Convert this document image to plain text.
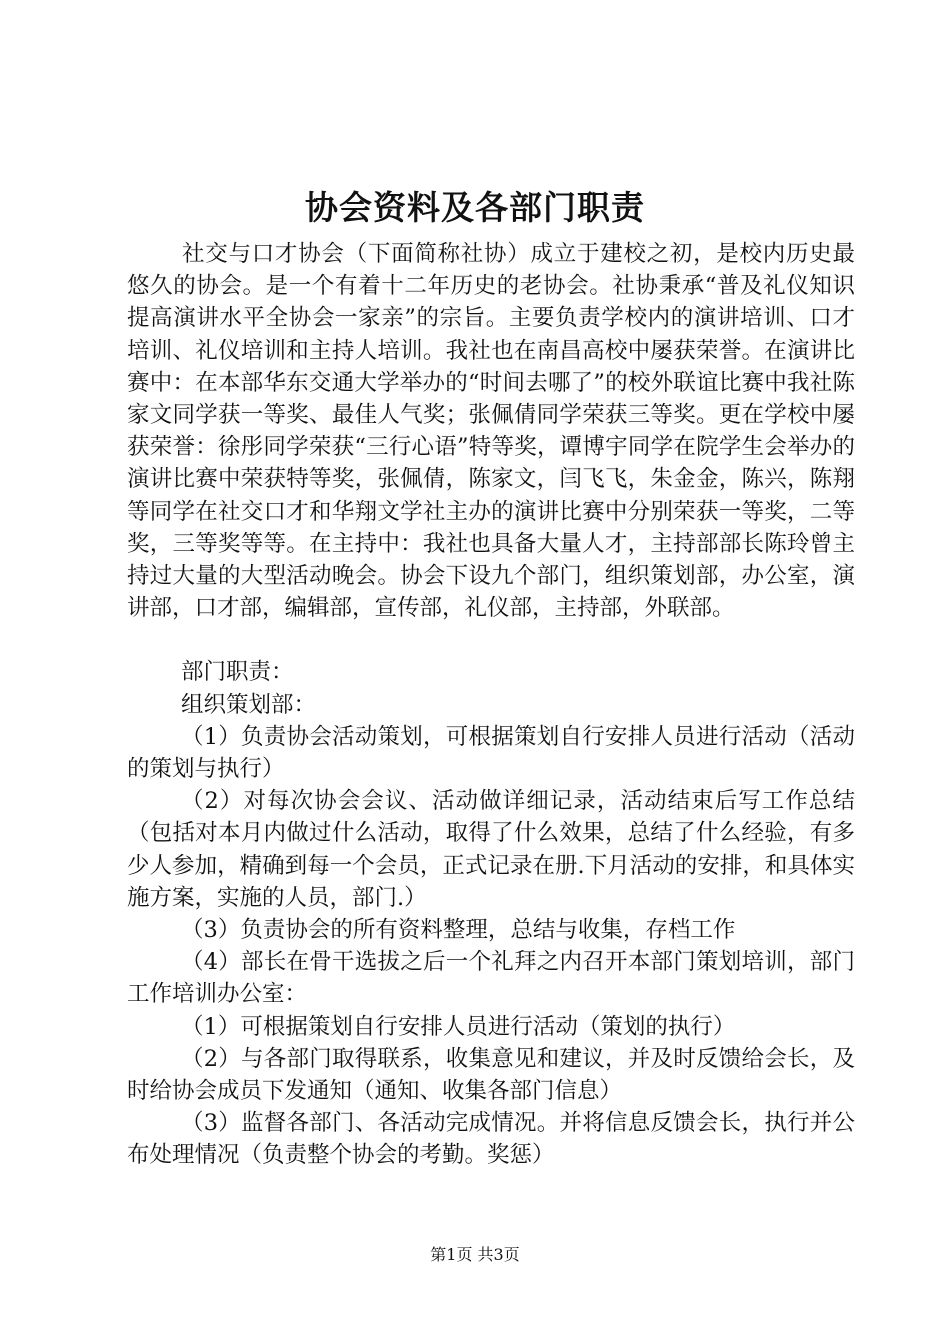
协会资料及各部门职责

社交与口才协会（下面简称社协）成立于建校之初，是校内历史最悠久的协会。是一个有着十二年历史的老协会。社协秉承“普及礼仪知识提高演讲水平全协会一家亲”的宗旨。主要负责学校内的演讲培训、口才培训、礼仪培训和主持人培训。我社也在南昌高校中屡获荣誉。在演讲比赛中：在本部华东交通大学举办的“时间去哪了”的校外联谊比赛中我社陈家文同学获一等奖、最佳人气奖；张佩倩同学荣获三等奖。更在学校中屡获荣誉：徐彤同学荣获“三行心语”特等奖，谭博宇同学在院学生会举办的演讲比赛中荣获特等奖，张佩倩，陈家文，闫飞飞，朱金金，陈兴，陈翔等同学在社交口才和华翔文学社主办的演讲比赛中分别荣获一等奖，二等奖，三等奖等等。在主持中：我社也具备大量人才，主持部部长陈玲曾主持过大量的大型活动晚会。协会下设九个部门，组织策划部，办公室，演讲部，口才部，编辑部，宣传部，礼仪部，主持部，外联部。

部门职责：

组织策划部：

（1）负责协会活动策划，可根据策划自行安排人员进行活动（活动的策划与执行）

（2）对每次协会会议、活动做详细记录，活动结束后写工作总结（包括对本月内做过什么活动，取得了什么效果，总结了什么经验，有多少人参加，精确到每一个会员，正式记录在册.下月活动的安排，和具体实施方案，实施的人员，部门.）

（3）负责协会的所有资料整理，总结与收集，存档工作

（4）部长在骨干选拔之后一个礼拜之内召开本部门策划培训，部门工作培训办公室：

（1）可根据策划自行安排人员进行活动（策划的执行）

（2）与各部门取得联系，收集意见和建议，并及时反馈给会长，及时给协会成员下发通知（通知、收集各部门信息）

（3）监督各部门、各活动完成情况。并将信息反馈会长，执行并公布处理情况（负责整个协会的考勤。奖惩）

第1页 共3页
